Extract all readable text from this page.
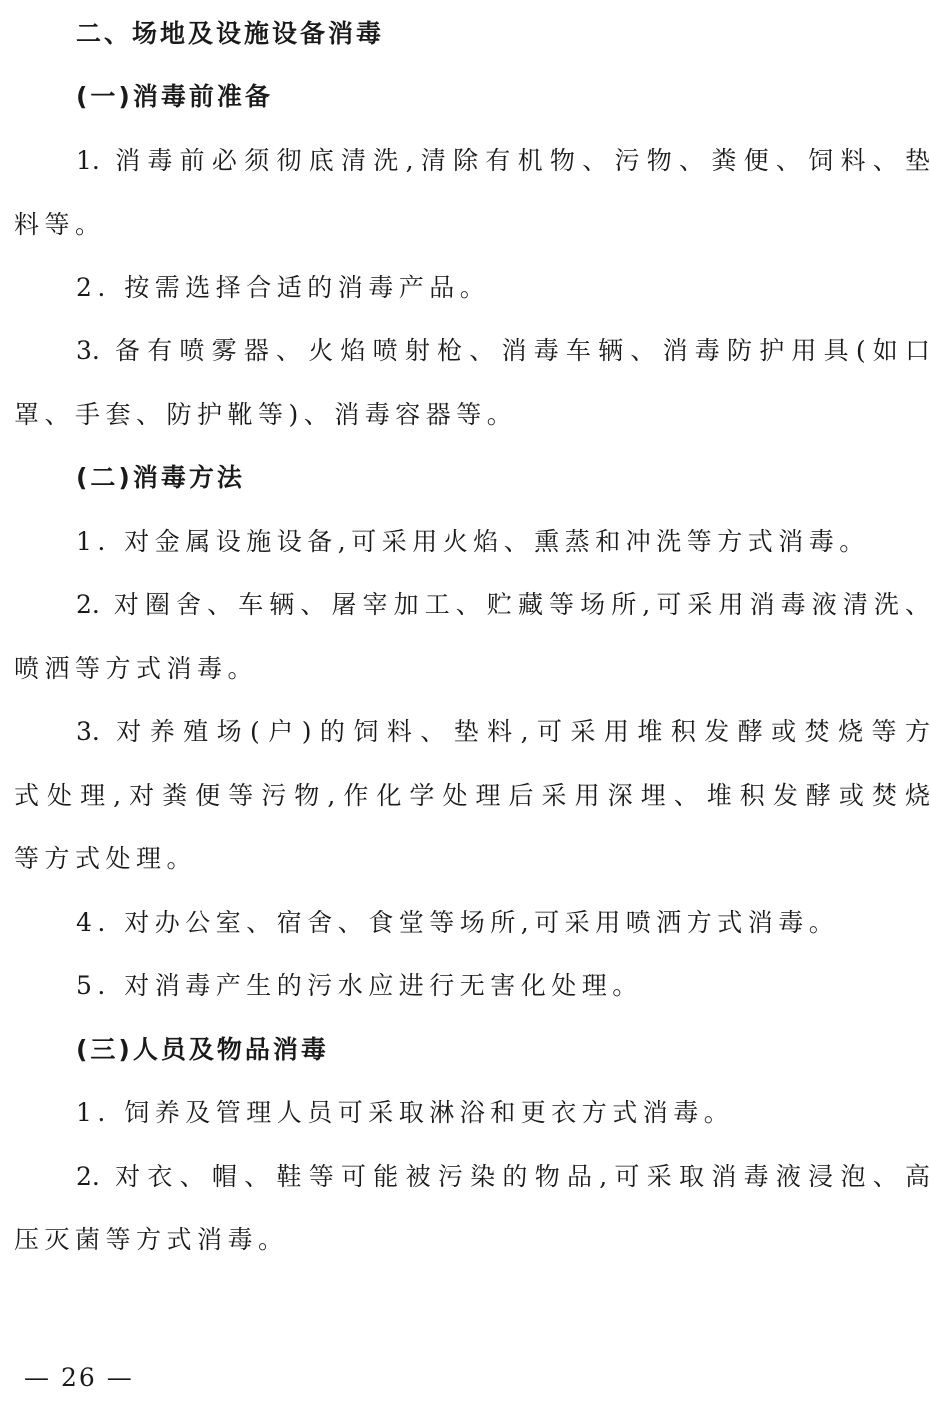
二、场地及设施设备消毒
(一)消毒前准备
1. 消毒前必须彻底清洗,清除有机物、污物、粪便、饲料、垫
料等。
2. 按需选择合适的消毒产品。
3. 备有喷雾器、火焰喷射枪、消毒车辆、消毒防护用具(如口
罩、手套、防护靴等)、消毒容器等。
(二)消毒方法
1. 对金属设施设备,可采用火焰、熏蒸和冲洗等方式消毒。
2. 对圈舍、车辆、屠宰加工、贮藏等场所,可采用消毒液清洗、
喷洒等方式消毒。
3. 对养殖场(户)的饲料、垫料,可采用堆积发酵或焚烧等方
式处理,对粪便等污物,作化学处理后采用深埋、堆积发酵或焚烧
等方式处理。
4. 对办公室、宿舍、食堂等场所,可采用喷洒方式消毒。
5. 对消毒产生的污水应进行无害化处理。
(三)人员及物品消毒
1. 饲养及管理人员可采取淋浴和更衣方式消毒。
2. 对衣、帽、鞋等可能被污染的物品,可采取消毒液浸泡、高
压灭菌等方式消毒。
— 26 —
